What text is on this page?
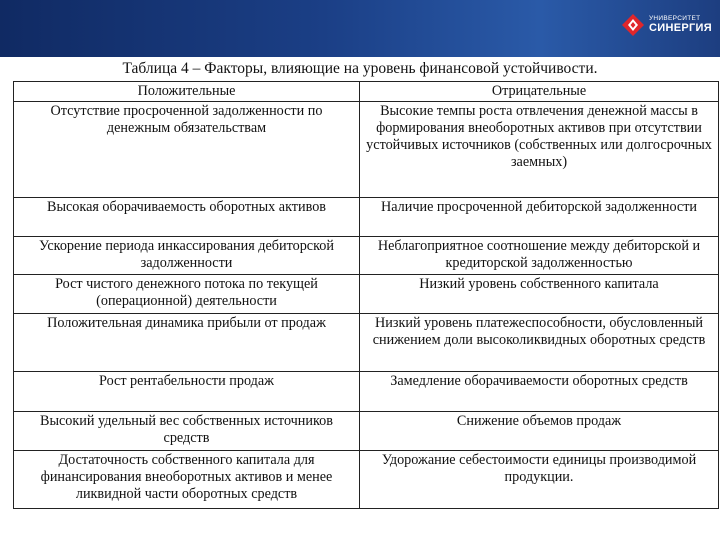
УНИВЕРСИТЕТ
СИНЕРГИЯ
Таблица 4 – Факторы, влияющие на уровень финансовой устойчивости.
Положительные	Отрицательные
Отсутствие просроченной задолженности по денежным обязательствам	Высокие темпы роста отвлечения денежной массы в формирования внеоборотных активов при отсутствии устойчивых источников (собственных или долгосрочных заемных)
Высокая оборачиваемость оборотных активов	Наличие просроченной дебиторской задолженности
Ускорение периода инкассирования дебиторской задолженности	Неблагоприятное соотношение между дебиторской и кредиторской задолженностью
Рост чистого денежного потока по текущей (операционной) деятельности	Низкий уровень собственного капитала
Положительная динамика прибыли от продаж	Низкий уровень платежеспособности, обусловленный снижением доли высоколиквидных оборотных средств
Рост рентабельности продаж	Замедление оборачиваемости оборотных средств
Высокий удельный вес собственных источников средств	Снижение объемов продаж
Достаточность собственного капитала для финансирования внеоборотных активов и менее ликвидной части оборотных средств	Удорожание себестоимости единицы производимой продукции.
